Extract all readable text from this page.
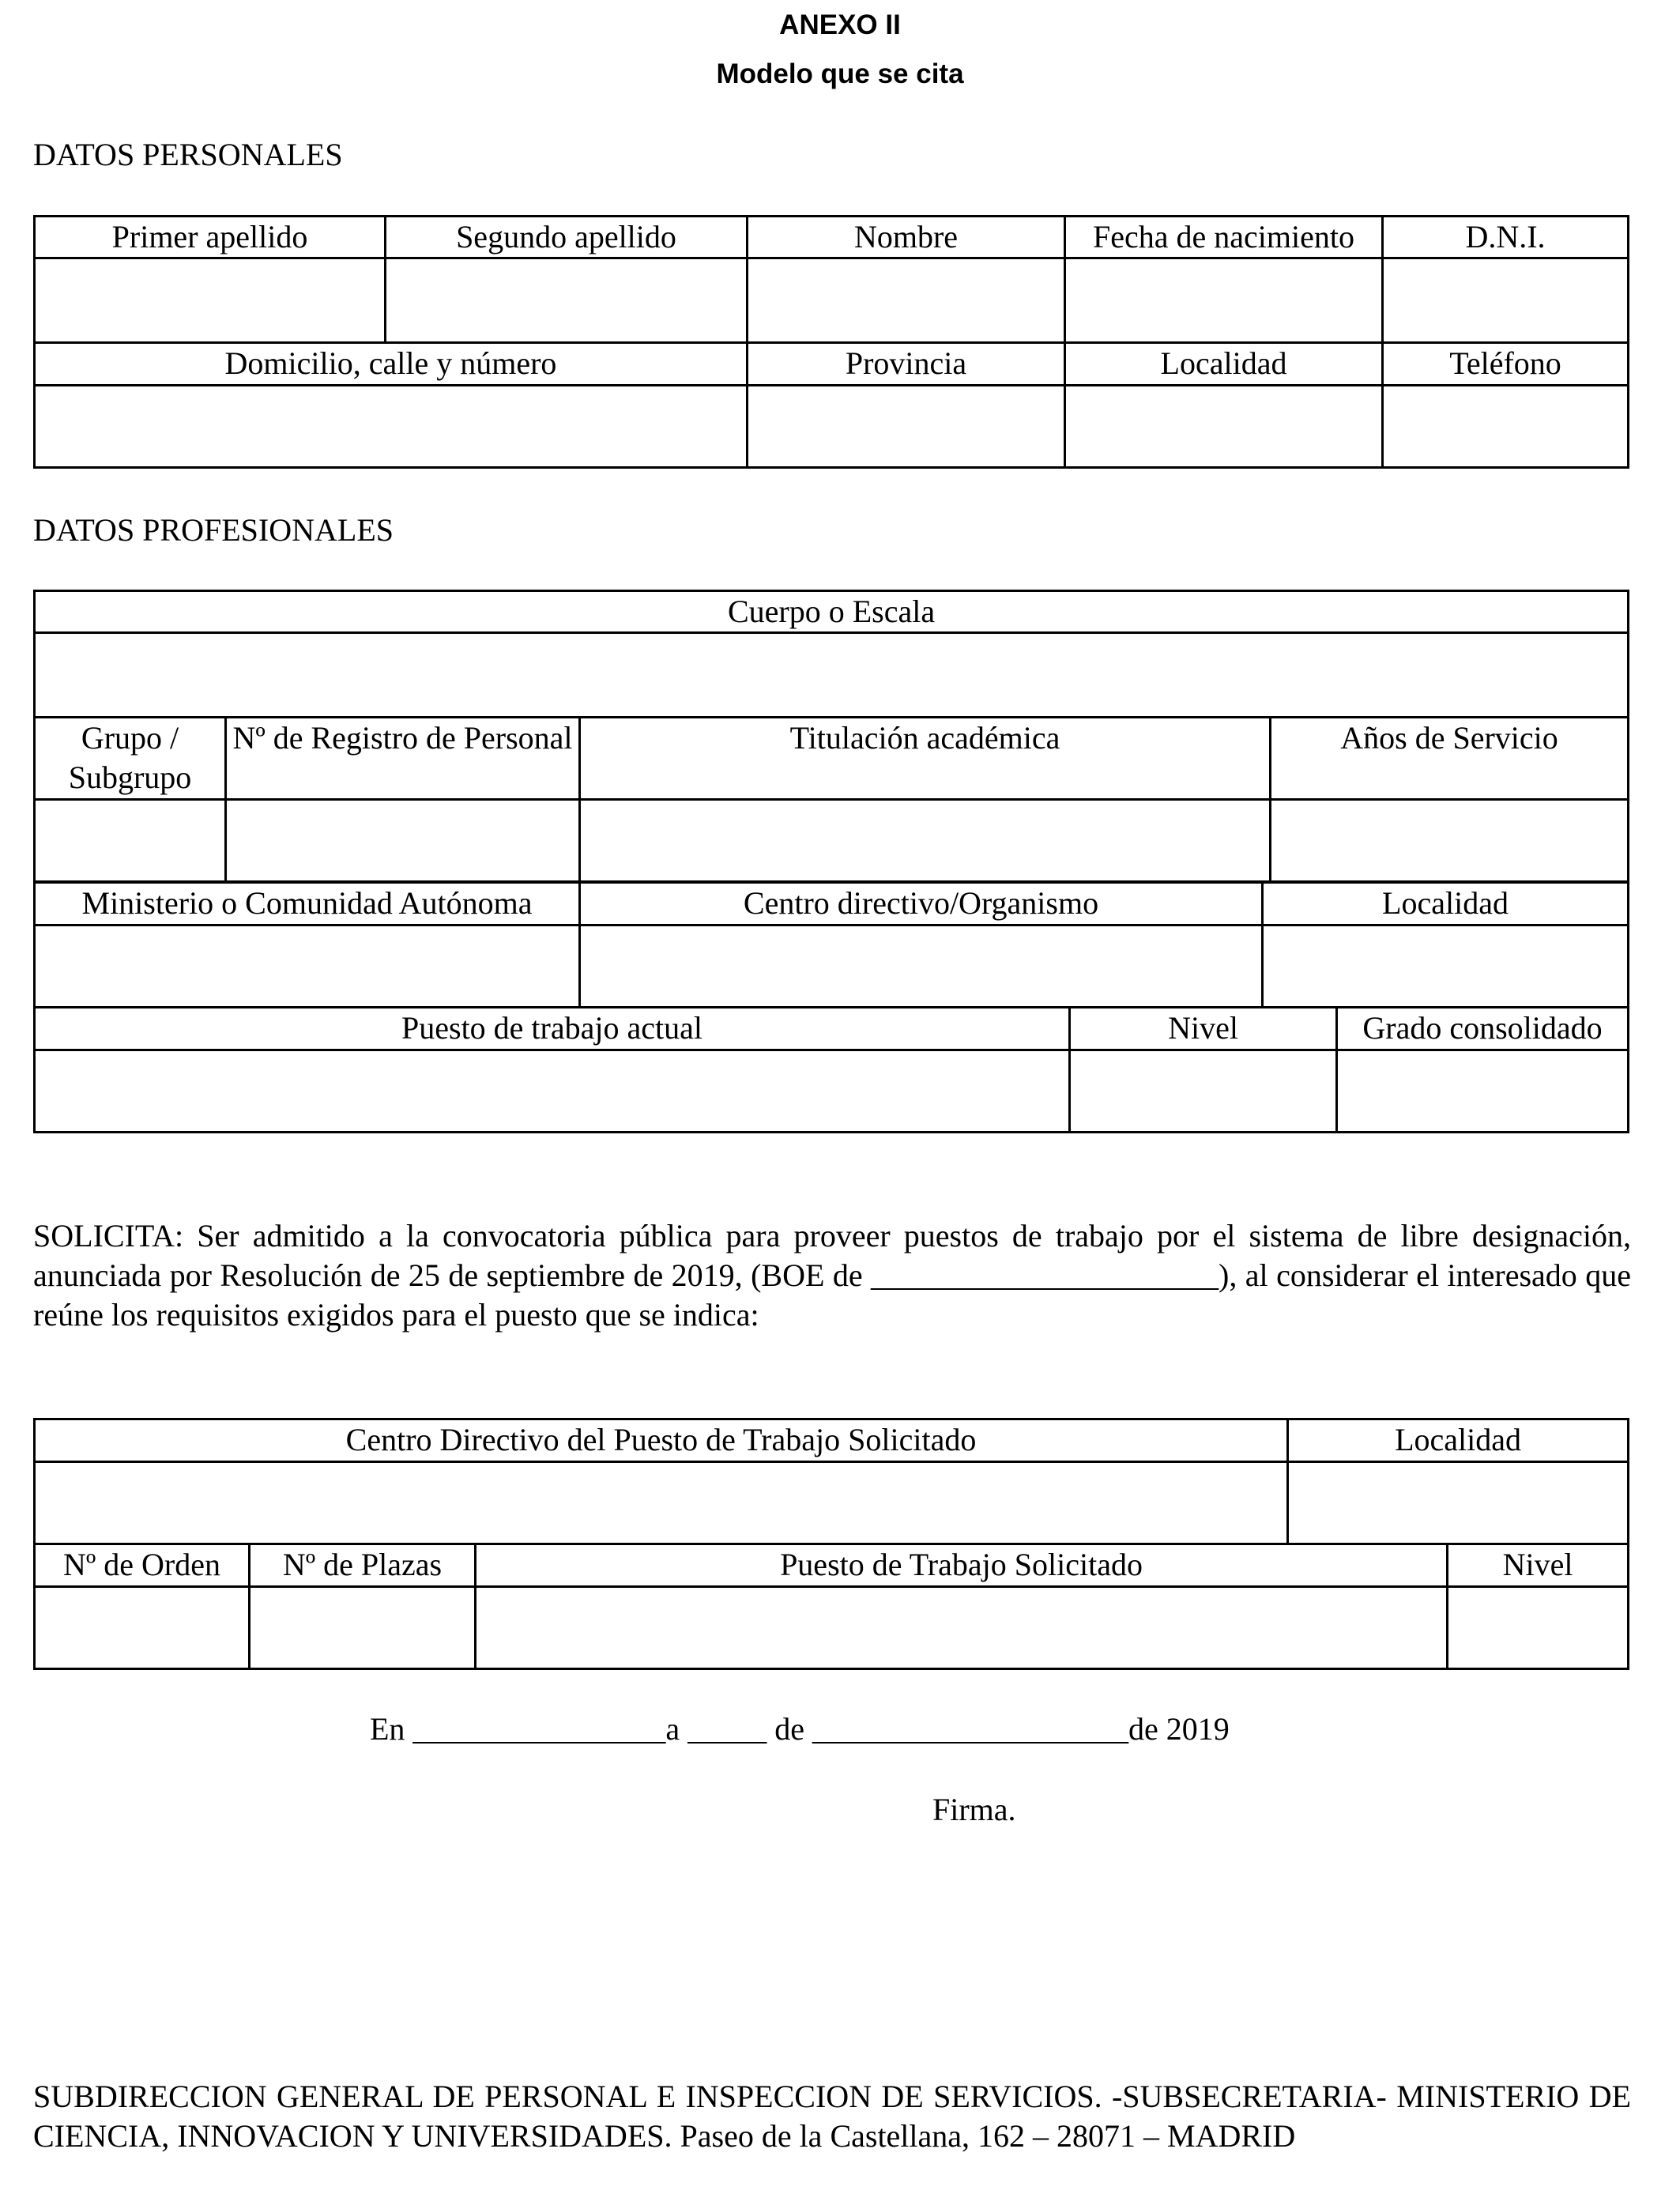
ANEXO II
Modelo que se cita
DATOS PERSONALES
Primer apellido	Segundo apellido	Nombre	Fecha de nacimiento	D.N.I.

Domicilio, calle y número		Provincia	Localidad	Teléfono

DATOS PROFESIONALES
Cuerpo o Escala			

Grupo / Subgrupo	Nº de Registro de Personal	Titulación académica	Años de Servicio

Ministerio o Comunidad Autónoma	Centro directivo/Organismo	Localidad

Puesto de trabajo actual	Nivel	Grado consolidado

SOLICITA: Ser admitido a la convocatoria pública para proveer puestos de trabajo por el sistema de libre designación, anunciada por Resolución de 25 de septiembre de 2019, (BOE de ______________________), al considerar el interesado que reúne los requisitos exigidos para el puesto que se indica:
Centro Directivo del Puesto de Trabajo Solicitado			Localidad	

Nº de Orden	Nº de Plazas	Puesto de Trabajo Solicitado		Nivel

En ________________a _____ de ____________________de 2019
Firma.
SUBDIRECCION GENERAL DE PERSONAL E INSPECCION DE SERVICIOS. -SUBSECRETARIA- MINISTERIO DE CIENCIA, INNOVACION Y UNIVERSIDADES. Paseo de la Castellana, 162 – 28071 – MADRID
